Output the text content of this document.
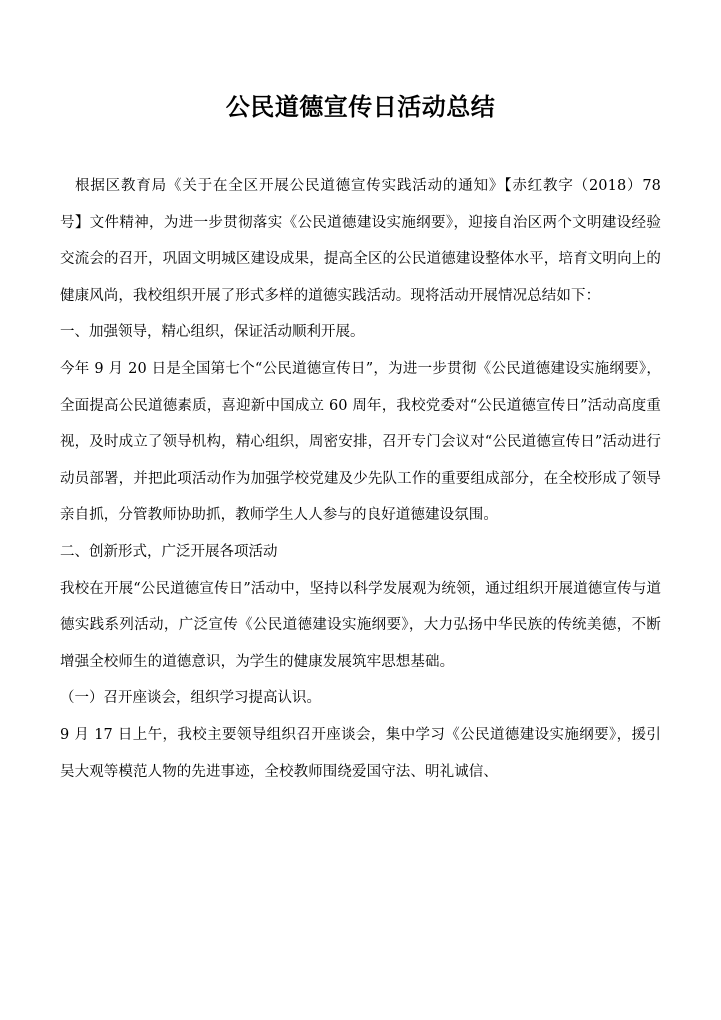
公民道德宣传日活动总结

根据区教育局《关于在全区开展公民道德宣传实践活动的通知》【赤红教字（2018）78 号】文件精神，为进一步贯彻落实《公民道德建设实施纲要》，迎接自治区两个文明建设经验交流会的召开，巩固文明城区建设成果，提高全区的公民道德建设整体水平，培育文明向上的健康风尚，我校组织开展了形式多样的道德实践活动。现将活动开展情况总结如下：

一、加强领导，精心组织，保证活动顺利开展。

今年 9 月 20 日是全国第七个“公民道德宣传日”，为进一步贯彻《公民道德建设实施纲要》，全面提高公民道德素质，喜迎新中国成立 60 周年，我校党委对“公民道德宣传日”活动高度重视，及时成立了领导机构，精心组织，周密安排，召开专门会议对“公民道德宣传日”活动进行动员部署，并把此项活动作为加强学校党建及少先队工作的重要组成部分，在全校形成了领导亲自抓，分管教师协助抓，教师学生人人参与的良好道德建设氛围。

二、创新形式，广泛开展各项活动

我校在开展“公民道德宣传日”活动中，坚持以科学发展观为统领，通过组织开展道德宣传与道德实践系列活动，广泛宣传《公民道德建设实施纲要》，大力弘扬中华民族的传统美德，不断增强全校师生的道德意识，为学生的健康发展筑牢思想基础。

（一）召开座谈会，组织学习提高认识。

9 月 17 日上午，我校主要领导组织召开座谈会，集中学习《公民道德建设实施纲要》，援引吴大观等模范人物的先进事迹，全校教师围绕爱国守法、明礼诚信、
